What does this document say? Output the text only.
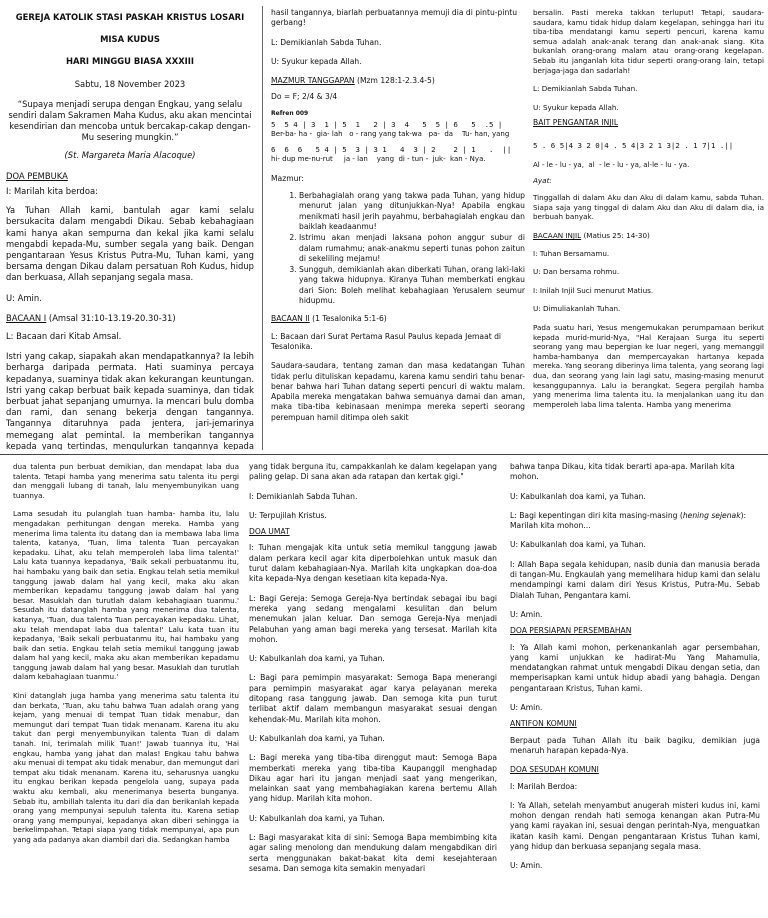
GEREJA KATOLIK STASI PASKAH KRISTUS LOSARI

MISA KUDUS

HARI MINGGU BIASA XXXIII

Sabtu, 18 November 2023

“Supaya menjadi serupa dengan Engkau, yang selalu sendiri dalam Sakramen Maha Kudus, aku akan mencintai kesendirian dan mencoba untuk bercakap-cakap dengan-Mu sesering mungkin.”

(St. Margareta Maria Alacoque)

DOA PEMBUKA

I: Marilah kita berdoa:

Ya Tuhan Allah kami, bantulah agar kami selalu bersukacita dalam mengabdi Dikau. Sebab kebahagiaan kami hanya akan sempurna dan kekal jika kami selalu mengabdi kepada-Mu, sumber segala yang baik. Dengan pengantaraan Yesus Kristus Putra-Mu, Tuhan kami, yang bersama dengan Dikau dalam persatuan Roh Kudus, hidup dan berkuasa, Allah sepanjang segala masa.

U: Amin.

BACAAN I (Amsal 31:10-13.19-20.30-31)

L: Bacaan dari Kitab Amsal.

Istri yang cakap, siapakah akan mendapatkannya? Ia lebih berharga daripada permata. Hati suaminya percaya kepadanya, suaminya tidak akan kekurangan keuntungan. Istri yang cakap berbuat baik kepada suaminya, dan tidak berbuat jahat sepanjang umurnya. Ia mencari bulu domba dan rami, dan senang bekerja dengan tangannya. Tangannya ditaruhnya pada jentera, jari-jemarinya memegang alat pemintal. Ia memberikan tangannya kepada yang tertindas, mengulurkan tangannya kepada

hasil tangannya, biarlah perbuatannya memuji dia di pintu-pintu gerbang!

L: Demikianlah Sabda Tuhan.

U: Syukur kepada Allah.

MAZMUR TANGGAPAN (Mzm 128:1-2.3.4-5)

Do = F; 2/4 & 3/4

Refren 009

5  5 4 | 3  1 | 5  1   2 | 3  4   5  5 | 6   5  .5 |

Ber-ba- ha -  gia- lah   o - rang yang tak-wa   pa-  da    Tu- han, yang

6  6  6   5 4 | 5  3 | 3 1   4  3 | 2    2 | 1   .  ||

hi- dup me-nu-rut     ja - lan    yang  di - tun -  juk-  kan - Nya.

Mazmur:

1. Berbahagialah orang yang takwa pada Tuhan, yang hidup menurut jalan yang ditunjukkan-Nya! Apabila engkau menikmati hasil jerih payahmu, berbahagialah engkau dan baiklah keadaanmu!
2. Istrimu akan menjadi laksana pohon anggur subur di dalam rumahmu; anak-anakmu seperti tunas pohon zaitun di sekeliling mejamu!
3. Sungguh, demikianlah akan diberkati Tuhan, orang laki-laki yang takwa hidupnya. Kiranya Tuhan memberkati engkau dari Sion: Boleh melihat kebahagiaan Yerusalem seumur hidupmu.

BACAAN II (1 Tesalonika 5:1-6)

L: Bacaan dari Surat Pertama Rasul Paulus kepada Jemaat di Tesalonika.

Saudara-saudara, tentang zaman dan masa kedatangan Tuhan tidak perlu dituliskan kepadamu, karena kamu sendiri tahu benar-benar bahwa hari Tuhan datang seperti pencuri di waktu malam. Apabila mereka mengatakan bahwa semuanya damai dan aman, maka tiba-tiba kebinasaan menimpa mereka seperti seorang perempuan hamil ditimpa oleh sakit

bersalin. Pasti mereka takkan terluput! Tetapi, saudara-saudara, kamu tidak hidup dalam kegelapan, sehingga hari itu tiba-tiba mendatangi kamu seperti pencuri, karena kamu semua adalah anak-anak terang dan anak-anak siang. Kita bukanlah orang-orang malam atau orang-orang kegelapan. Sebab itu janganlah kita tidur seperti orang-orang lain, tetapi berjaga-jaga dan sadarlah!

L: Demikianlah Sabda Tuhan.

U: Syukur kepada Allah.

BAIT PENGANTAR INJIL

5 . 6 5|4 3 2 0|4 . 5 4|3 2 1 3|2 . 1 7|1 .||

Al - le - lu - ya,  al  - le - lu - ya, al-le - lu - ya.

Ayat:

Tinggallah di dalam Aku dan Aku di dalam kamu, sabda Tuhan. Siapa saja yang tinggal di dalam Aku dan Aku di dalam dia, ia berbuah banyak.

BACAAN INJIL (Matius 25: 14-30)

I: Tuhan Bersamamu.

U: Dan bersama rohmu.

I: Inilah Injil Suci menurut Matius.

U: Dimuliakanlah Tuhan.

Pada suatu hari, Yesus mengemukakan perumpamaan berikut kepada murid-murid-Nya, "Hal Kerajaan Surga itu seperti seorang yang mau bepergian ke luar negeri, yang memanggil hamba-hambanya dan mempercayakan hartanya kepada mereka. Yang seorang diberinya lima talenta, yang seorang lagi dua, dan seorang yang lain lagi satu, masing-masing menurut kesanggupannya. Lalu ia berangkat. Segera pergilah hamba yang menerima lima talenta itu. Ia menjalankan uang itu dan memperoleh laba lima talenta. Hamba yang menerima

dua talenta pun berbuat demikian, dan mendapat laba dua talenta. Tetapi hamba yang menerima satu talenta itu pergi dan menggali lubang di tanah, lalu menyembunyikan uang tuannya.

Lama sesudah itu pulanglah tuan hamba- hamba itu, lalu mengadakan perhitungan dengan mereka. Hamba yang menerima lima talenta itu datang dan ia membawa laba lima talenta, katanya, 'Tuan, lima talenta Tuan percayakan kepadaku. Lihat, aku telah memperoleh laba lima talenta!' Lalu kata tuannya kepadanya, 'Baik sekali perbuatanmu itu, hai hambaku yang baik dan setia. Engkau telah setia memikul tanggung jawab dalam hal yang kecil, maka aku akan memberikan kepadamu tanggung jawab dalam hal yang besar. Masuklah dan turutlah dalam kebahagiaan tuanmu.' Sesudah itu datanglah hamba yang menerima dua talenta, katanya, 'Tuan, dua talenta Tuan percayakan kepadaku. Lihat, aku telah mendapat laba dua talenta!' Lalu kata tuan itu kepadanya, 'Baik sekali perbuatanmu itu, hai hambaku yang baik dan setia. Engkau telah setia memikul tanggung jawab dalam hal yang kecil, maka aku akan memberikan kepadamu tanggung jawab dalam hal yang besar. Masuklah dan turutlah dalam kebahagiaan tuanmu.'

Kini datanglah juga hamba yang menerima satu talenta itu dan berkata, 'Tuan, aku tahu bahwa Tuan adalah orang yang kejam, yang menuai di tempat Tuan tidak menabur, dan memungut dari tempat Tuan tidak menanam. Karena itu aku takut dan pergi menyembunyikan talenta Tuan di dalam tanah. Ini, terimalah milik Tuan!' Jawab tuannya itu, 'Hai engkau, hamba yang jahat dan malas! Engkau tahu bahwa aku menuai di tempat aku tidak menabur, dan memungut dari tempat aku tidak menanam. Karena itu, seharusnya uangku itu engkau berikan kepada pengelola uang, supaya pada waktu aku kembali, aku menerimanya beserta bunganya. Sebab itu, ambillah talenta itu dari dia dan berikanlah kepada orang yang mempunyai sepuluh talenta itu. Karena setiap orang yang mempunyai, kepadanya akan diberi sehingga ia berkelimpahan. Tetapi siapa yang tidak mempunyai, apa pun yang ada padanya akan diambil dari dia. Sedangkan hamba

yang tidak berguna itu, campakkanlah ke dalam kegelapan yang paling gelap. Di sana akan ada ratapan dan kertak gigi."

I: Demikianlah Sabda Tuhan.

U: Terpujilah Kristus.

DOA UMAT

I: Tuhan mengajak kita untuk setia memikul tanggung jawab dalam perkara kecil agar kita diperbolehkan untuk masuk dan turut dalam kebahagiaan-Nya. Marilah kita ungkapkan doa-doa kita kepada-Nya dengan kesetiaan kita kepada-Nya.

L: Bagi Gereja: Semoga Gereja-Nya bertindak sebagai ibu bagi mereka yang sedang mengalami kesulitan dan belum menemukan jalan keluar. Dan semoga Gereja-Nya menjadi Pelabuhan yang aman bagi mereka yang tersesat. Marilah kita mohon.

U: Kabulkanlah doa kami, ya Tuhan.

L: Bagi para pemimpin masyarakat: Semoga Bapa menerangi para pemimpin masyarakat agar karya pelayanan mereka ditopang rasa tanggung jawab. Dan semoga kita pun turut terlibat aktif dalam membangun masyarakat sesuai dengan kehendak-Mu. Marilah kita mohon.

U: Kabulkanlah doa kami, ya Tuhan.

L: Bagi mereka yang tiba-tiba direnggut maut: Semoga Bapa memberkati mereka yang tiba-tiba Kaupanggil menghadap Dikau agar hari itu jangan menjadi saat yang mengerikan, melainkan saat yang membahagiakan karena bertemu Allah yang hidup. Marilah kita mohon.

U: Kabulkanlah doa kami, ya Tuhan.

L: Bagi masyarakat kita di sini: Semoga Bapa membimbing kita agar saling menolong dan mendukung dalam mengabdikan diri serta menggunakan bakat-bakat kita demi kesejahteraan sesama. Dan semoga kita semakin menyadari

bahwa tanpa Dikau, kita tidak berarti apa-apa. Marilah kita mohon.

U: Kabulkanlah doa kami, ya Tuhan.

L: Bagi kepentingan diri kita masing-masing (hening sejenak): Marilah kita mohon…

U: Kabulkanlah doa kami, ya Tuhan.

I: Allah Bapa segala kehidupan, nasib dunia dan manusia berada di tangan-Mu. Engkaulah yang memelihara hidup kami dan selalu mendampingi kami dalam diri Yesus Kristus, Putra-Mu. Sebab Dialah Tuhan, Pengantara kami.

U: Amin.

DOA PERSIAPAN PERSEMBAHAN

I: Ya Allah kami mohon, perkenankanlah agar persembahan, yang kami unjukkan ke hadirat-Mu Yang Mahamulia, mendatangkan rahmat untuk mengabdi Dikau dengan setia, dan memperisapkan kami untuk hidup abadi yang bahagia. Dengan pengantaraan Kristus, Tuhan kami.

U: Amin.

ANTIFON KOMUNI

Berpaut pada Tuhan Allah itu baik bagiku, demikian juga menaruh harapan kepada-Nya.

DOA SESUDAH KOMUNI

I: Marilah Berdoa:

I: Ya Allah, setelah menyambut anugerah misteri kudus ini, kami mohon dengan rendah hati semoga kenangan akan Putra-Mu yang kami rayakan ini, sesuai dengan perintah-Nya, menguatkan ikatan kasih kami. Dengan pengantaraan Kristus Tuhan kami, yang hidup dan berkuasa sepanjang segala masa.

U: Amin.
